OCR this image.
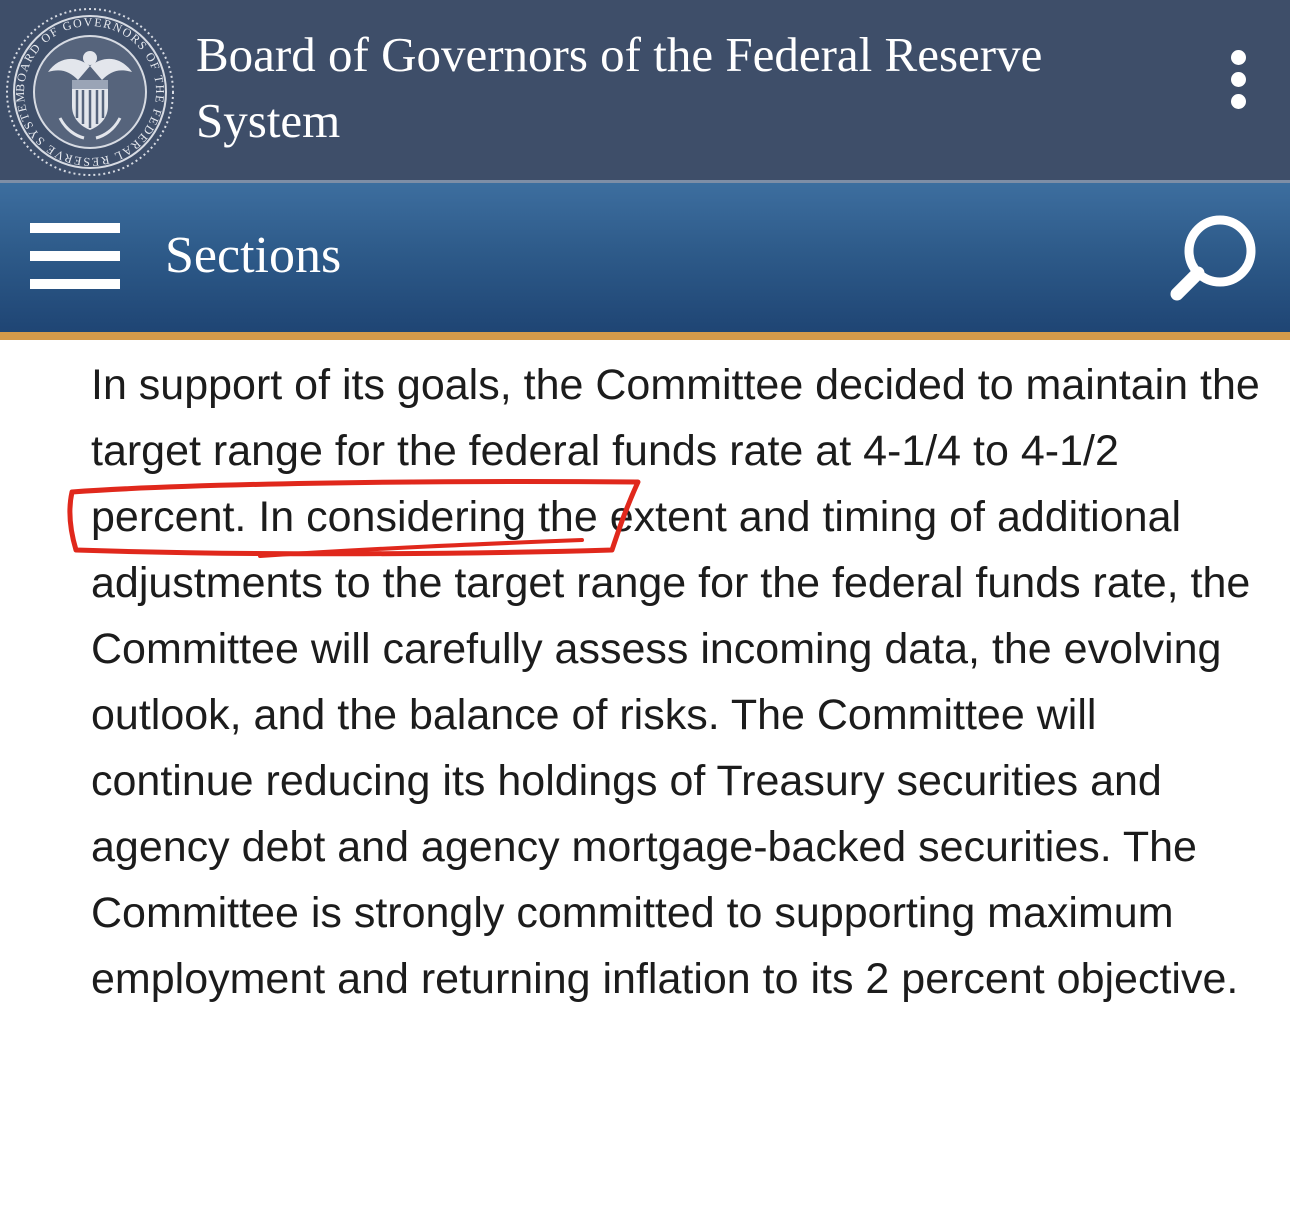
BOARD OF GOVERNORS OF THE FEDERAL RESERVE SYSTEM
Board of Governors of the Federal Reserve System
Sections

In support of its goals, the Committee decided to maintain the target range for the federal funds rate at 4-1/4 to 4-1/2 percent. In considering the extent and timing of additional adjustments to the target range for the federal funds rate, the Committee will carefully assess incoming data, the evolving outlook, and the balance of risks. The Committee will continue reducing its holdings of Treasury securities and agency debt and agency mortgage-backed securities. The Committee is strongly committed to supporting maximum employment and returning inflation to its 2 percent objective.
